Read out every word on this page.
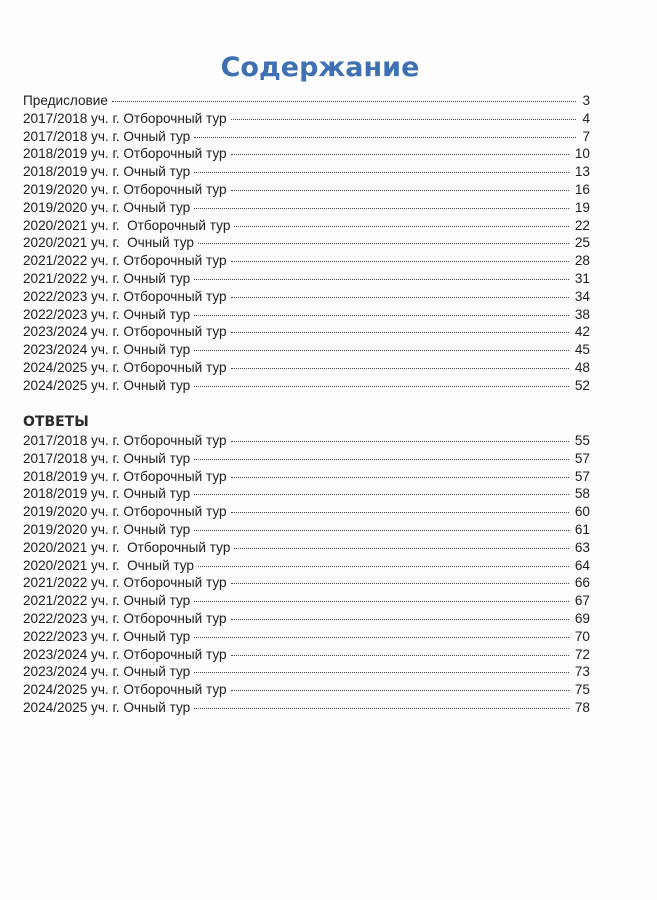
Содержание
Предисловие	3
2017/2018 уч. г. Отборочный тур	4
2017/2018 уч. г. Очный тур	7
2018/2019 уч. г. Отборочный тур	10
2018/2019 уч. г. Очный тур	13
2019/2020 уч. г. Отборочный тур	16
2019/2020 уч. г. Очный тур	19
2020/2021 уч. г.  Отборочный тур	22
2020/2021 уч. г.  Очный тур	25
2021/2022 уч. г. Отборочный тур	28
2021/2022 уч. г. Очный тур	31
2022/2023 уч. г. Отборочный тур	34
2022/2023 уч. г. Очный тур	38
2023/2024 уч. г. Отборочный тур	42
2023/2024 уч. г. Очный тур	45
2024/2025 уч. г. Отборочный тур	48
2024/2025 уч. г. Очный тур	52
ОТВЕТЫ
2017/2018 уч. г. Отборочный тур	55
2017/2018 уч. г. Очный тур	57
2018/2019 уч. г. Отборочный тур	57
2018/2019 уч. г. Очный тур	58
2019/2020 уч. г. Отборочный тур	60
2019/2020 уч. г. Очный тур	61
2020/2021 уч. г.  Отборочный тур	63
2020/2021 уч. г.  Очный тур	64
2021/2022 уч. г. Отборочный тур	66
2021/2022 уч. г. Очный тур	67
2022/2023 уч. г. Отборочный тур	69
2022/2023 уч. г. Очный тур	70
2023/2024 уч. г. Отборочный тур	72
2023/2024 уч. г. Очный тур	73
2024/2025 уч. г. Отборочный тур	75
2024/2025 уч. г. Очный тур	78
